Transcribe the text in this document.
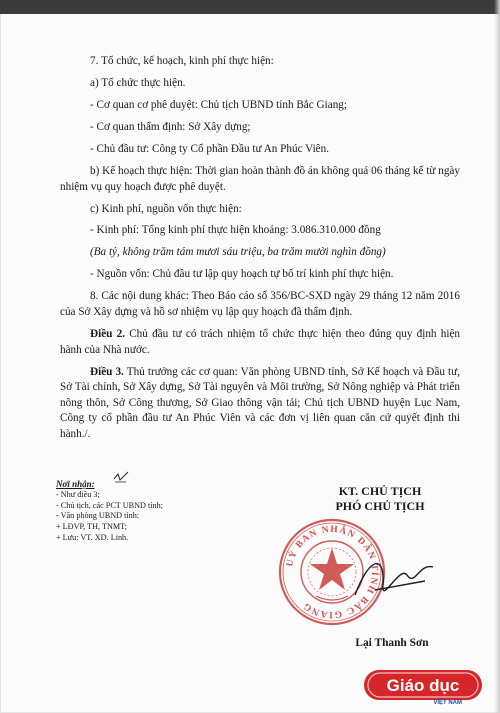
7. Tổ chức, kế hoạch, kinh phí thực hiện:

a) Tổ chức thực hiện.

- Cơ quan cơ phê duyệt: Chủ tịch UBND tỉnh Bắc Giang;

- Cơ quan thẩm định: Sở Xây dựng;

- Chủ đầu tư: Công ty Cổ phần Đầu tư An Phúc Viên.

b) Kế hoạch thực hiện: Thời gian hoàn thành đồ án không quá 06 tháng kể từ ngày nhiệm vụ quy hoạch được phê duyệt.

c) Kinh phí, nguồn vốn thực hiện:

- Kinh phí: Tổng kinh phí thực hiện khoảng: 3.086.310.000 đồng

(Ba tỷ, không trăm tám mươi sáu triệu, ba trăm mười nghìn đồng)

- Nguồn vốn: Chủ đầu tư lập quy hoạch tự bố trí kinh phí thực hiện.

8. Các nội dung khác: Theo Báo cáo số 356/BC-SXD ngày 29 tháng 12 năm 2016 của Sở Xây dựng và hồ sơ nhiệm vụ lập quy hoạch đã thẩm định.

Điều 2. Chủ đầu tư có trách nhiệm tổ chức thực hiện theo đúng quy định hiện hành của Nhà nước.

Điều 3. Thủ trưởng các cơ quan: Văn phòng UBND tỉnh, Sở Kế hoạch và Đầu tư, Sở Tài chính, Sở Xây dựng, Sở Tài nguyên và Môi trường, Sở Nông nghiệp và Phát triển nông thôn, Sở Công thương, Sở Giao thông vận tải; Chủ tịch UBND huyện Lục Nam, Công ty cổ phần đầu tư An Phúc Viên và các đơn vị liên quan căn cứ quyết định thi hành./.

Nơi nhận:
- Như điều 3;
- Chủ tịch, các PCT UBND tỉnh;
- Văn phòng UBND tỉnh:
+ LĐVP, TH, TNMT;
+ Lưu: VT. XD. Linh.
KT. CHỦ TỊCH
PHÓ CHỦ TỊCH
UỶ BAN NHÂN DÂN TỈNH BẮC GIANG
Lại Thanh Sơn
Giáo dục
VIỆT NAM
